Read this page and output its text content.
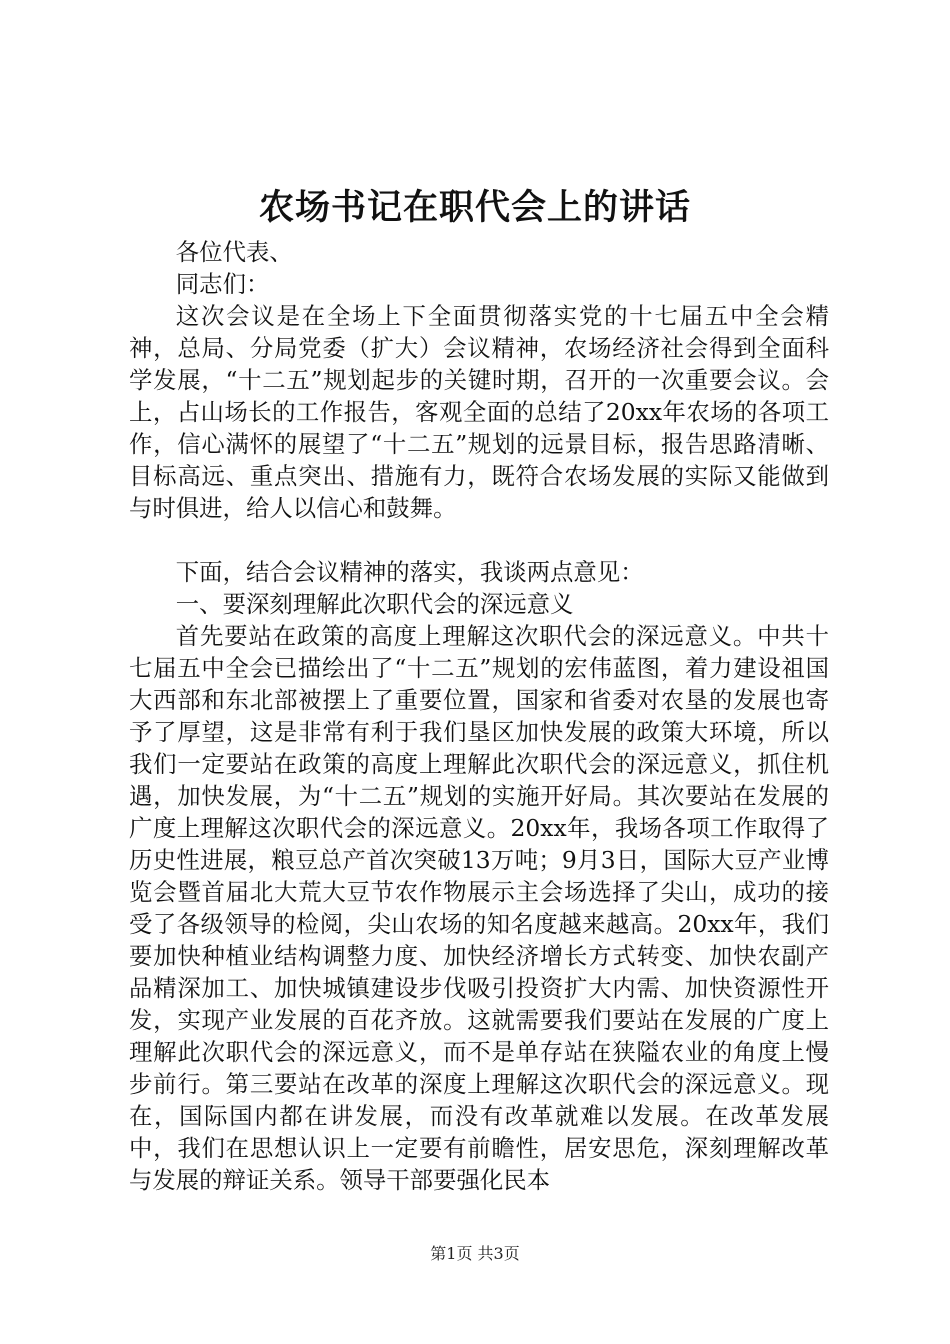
农场书记在职代会上的讲话

各位代表、

同志们：

这次会议是在全场上下全面贯彻落实党的十七届五中全会精神，总局、分局党委（扩大）会议精神，农场经济社会得到全面科学发展，“十二五”规划起步的关键时期，召开的一次重要会议。会上，占山场长的工作报告，客观全面的总结了20xx年农场的各项工作，信心满怀的展望了“十二五”规划的远景目标，报告思路清晰、目标高远、重点突出、措施有力，既符合农场发展的实际又能做到与时俱进，给人以信心和鼓舞。

下面，结合会议精神的落实，我谈两点意见：

一、要深刻理解此次职代会的深远意义

首先要站在政策的高度上理解这次职代会的深远意义。中共十七届五中全会已描绘出了“十二五”规划的宏伟蓝图，着力建设祖国大西部和东北部被摆上了重要位置，国家和省委对农垦的发展也寄予了厚望，这是非常有利于我们垦区加快发展的政策大环境，所以我们一定要站在政策的高度上理解此次职代会的深远意义，抓住机遇，加快发展，为“十二五”规划的实施开好局。其次要站在发展的广度上理解这次职代会的深远意义。20xx年，我场各项工作取得了历史性进展，粮豆总产首次突破13万吨；9月3日，国际大豆产业博览会暨首届北大荒大豆节农作物展示主会场选择了尖山，成功的接受了各级领导的检阅，尖山农场的知名度越来越高。20xx年，我们要加快种植业结构调整力度、加快经济增长方式转变、加快农副产品精深加工、加快城镇建设步伐吸引投资扩大内需、加快资源性开发，实现产业发展的百花齐放。这就需要我们要站在发展的广度上理解此次职代会的深远意义，而不是单存站在狭隘农业的角度上慢步前行。第三要站在改革的深度上理解这次职代会的深远意义。现在，国际国内都在讲发展，而没有改革就难以发展。在改革发展中，我们在思想认识上一定要有前瞻性，居安思危，深刻理解改革与发展的辩证关系。领导干部要强化民本

第1页 共3页
